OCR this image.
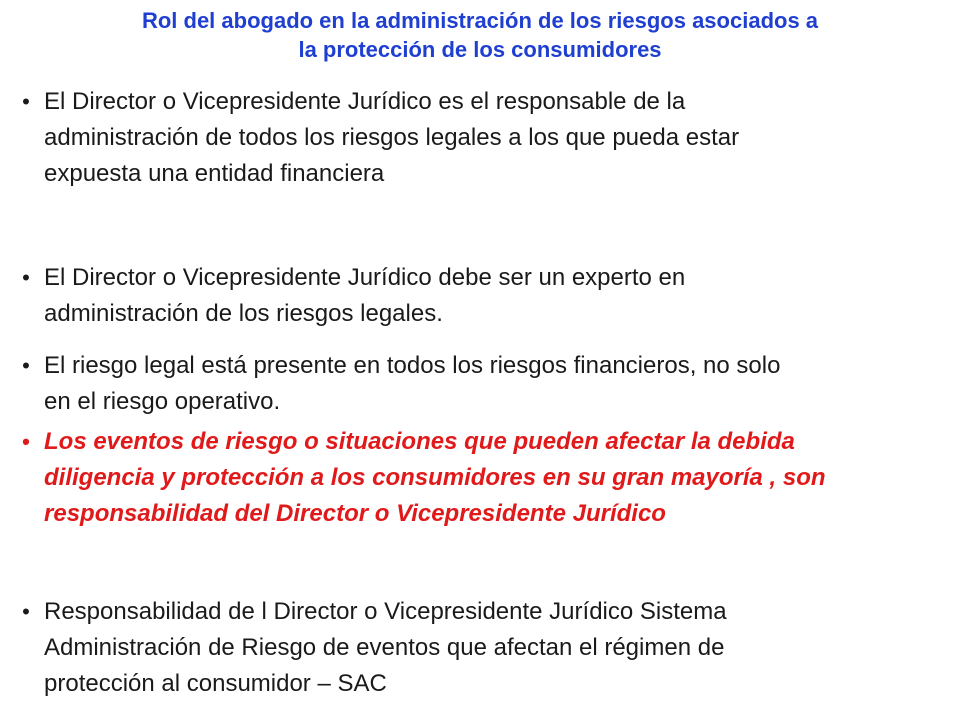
Rol del abogado en la administración de los riesgos asociados a
la protección de los consumidores
• El Director o Vicepresidente Jurídico es el responsable de la
administración de todos los riesgos legales a los que pueda estar
expuesta una entidad financiera
• El Director o Vicepresidente Jurídico debe ser un experto en
administración de los riesgos legales.
• El riesgo legal está presente en todos los riesgos financieros, no solo
en el riesgo operativo.
• Los eventos de riesgo o situaciones que pueden afectar la debida
diligencia y protección a los consumidores en su gran mayoría , son
responsabilidad del Director o Vicepresidente Jurídico
• Responsabilidad de l Director o Vicepresidente Jurídico Sistema
Administración de Riesgo de eventos que afectan el régimen de
protección al consumidor – SAC
